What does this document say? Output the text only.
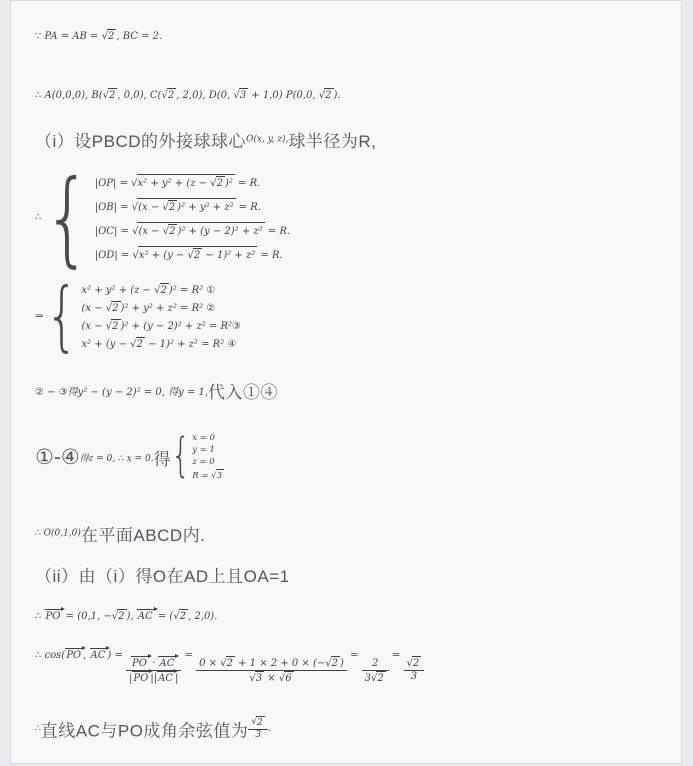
∵ PA = AB = √2 , BC = 2.
∴ A(0,0,0), B(√2 , 0,0), C(√2 , 2,0), D(0, √3 + 1,0) P(0,0, √2 ).
（i）设PBCD的外接球球心O(x, y, z),球半径为R,
∴ { |OP| = √x² + y² + (z − √2 )² = R.
|OB| = √(x − √2 )² + y² + z² = R.
|OC| = √(x − √2 )² + (y − 2)² + z² = R.
|OD| = √x² + (y − √2 − 1)² + z² = R.
⇒ { x² + y² + (z − √2 )² = R² ①
(x − √2 )² + y² + z² = R² ②
(x − √2 )² + (y − 2)² + z² = R²③
x² + (y − √2 − 1)² + z² = R² ④
② − ③得y² − (y − 2)² = 0, 得y = 1,代入①④
①-④ 得z = 0, ∴ x = 0. 得 { x = 0
y = 1
z = 0
R = √3
∴ O(0,1,0)在平面ABCD内.
（ii）由（i）得O在AD上且OA=1
∴ PO = (0,1, −√2 ), AC = (√2 , 2,0).
∴ cos(PO , AC ) = $\frac{PO \cdot AC}{|PO ||AC |} = \frac{0 \times √2 + 1 \times 2 + 0 \times (-√2 )}{√3 \times √6}$ =
$\frac{2}{3√2}$
= $\frac{√2}{3}$
∴直线AC与PO成角余弦值为 $\frac{√2}{3}$ .
